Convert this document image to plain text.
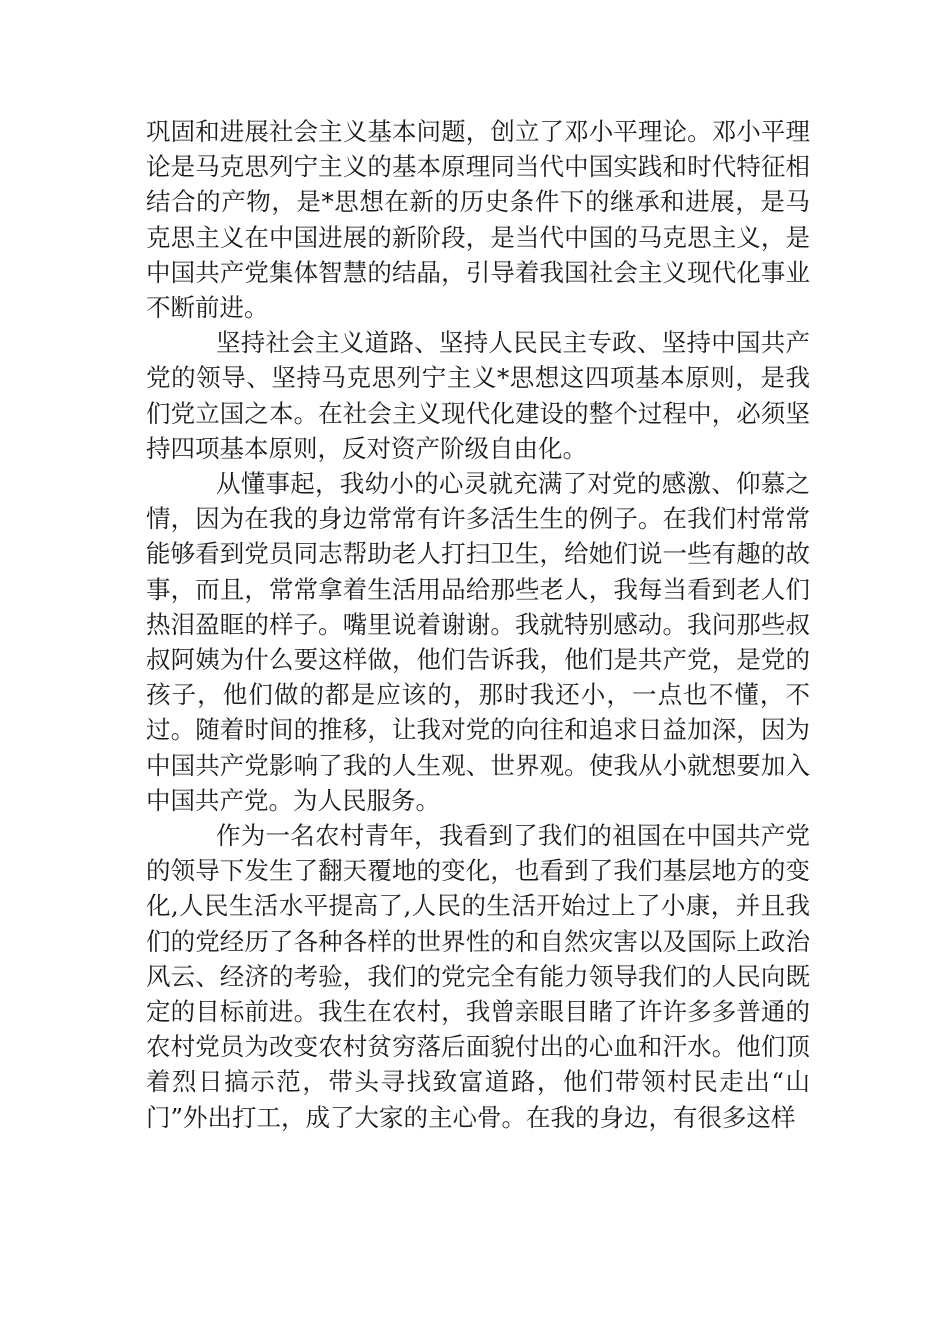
巩固和进展社会主义基本问题，创立了邓小平理论。邓小平理论是马克思列宁主义的基本原理同当代中国实践和时代特征相结合的产物，是*思想在新的历史条件下的继承和进展，是马克思主义在中国进展的新阶段，是当代中国的马克思主义，是中国共产党集体智慧的结晶，引导着我国社会主义现代化事业不断前进。

坚持社会主义道路、坚持人民民主专政、坚持中国共产党的领导、坚持马克思列宁主义*思想这四项基本原则，是我们党立国之本。在社会主义现代化建设的整个过程中，必须坚持四项基本原则，反对资产阶级自由化。

从懂事起，我幼小的心灵就充满了对党的感激、仰慕之情，因为在我的身边常常有许多活生生的例子。在我们村常常能够看到党员同志帮助老人打扫卫生，给她们说一些有趣的故事，而且，常常拿着生活用品给那些老人，我每当看到老人们热泪盈眶的样子。嘴里说着谢谢。我就特别感动。我问那些叔叔阿姨为什么要这样做，他们告诉我，他们是共产党，是党的孩子，他们做的都是应该的，那时我还小，一点也不懂，不过。随着时间的推移，让我对党的向往和追求日益加深，因为中国共产党影响了我的人生观、世界观。使我从小就想要加入中国共产党。为人民服务。

作为一名农村青年，我看到了我们的祖国在中国共产党的领导下发生了翻天覆地的变化，也看到了我们基层地方的变化,人民生活水平提高了,人民的生活开始过上了小康，并且我们的党经历了各种各样的世界性的和自然灾害以及国际上政治风云、经济的考验，我们的党完全有能力领导我们的人民向既定的目标前进。我生在农村，我曾亲眼目睹了许许多多普通的农村党员为改变农村贫穷落后面貌付出的心血和汗水。他们顶着烈日搞示范，带头寻找致富道路，他们带领村民走出“山门”外出打工，成了大家的主心骨。在我的身边，有很多这样
